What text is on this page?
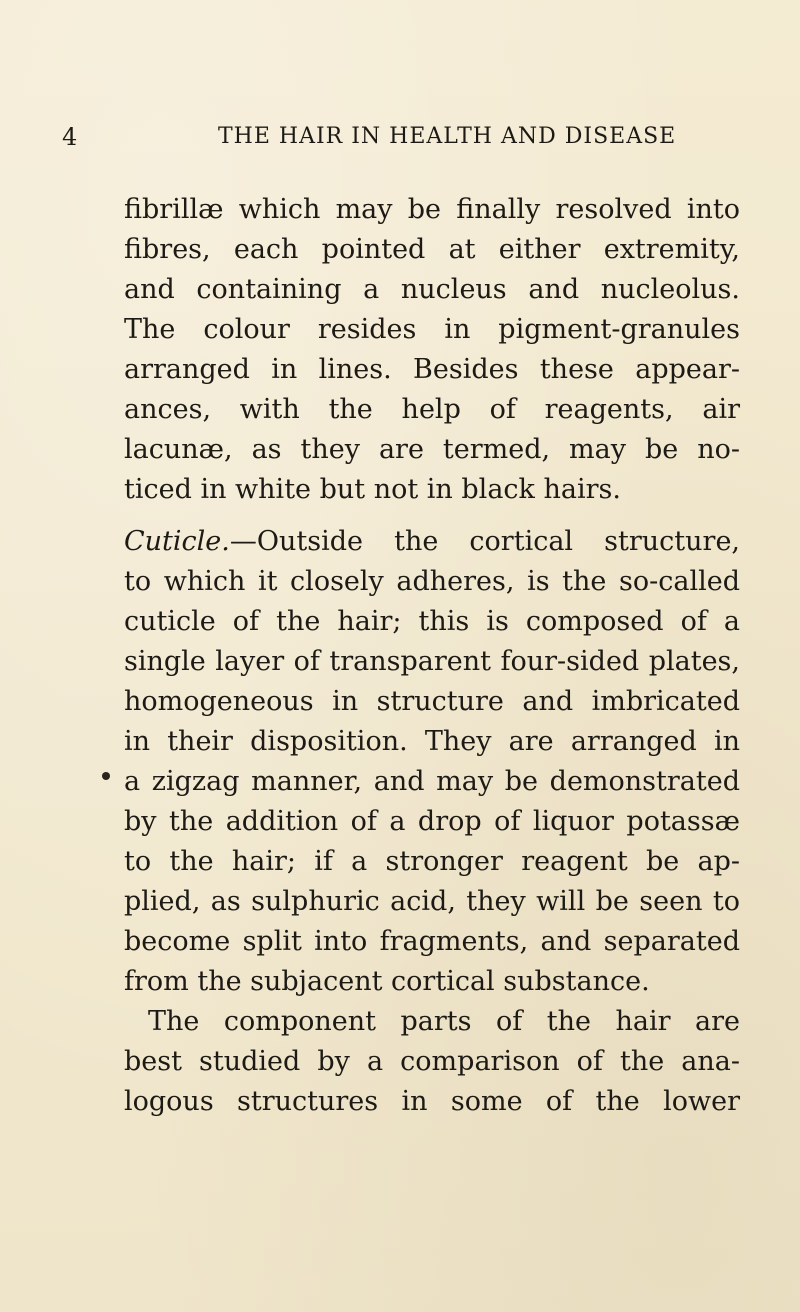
4	THE HAIR IN HEALTH AND DISEASE
fibrillæ which may be finally resolved into
fibres, each pointed at either extremity,
and containing a nucleus and nucleolus.
The colour resides in pigment-granules
arranged in lines. Besides these appear-
ances, with the help of reagents, air
lacunæ, as they are termed, may be no-
ticed in white but not in black hairs.
Cuticle.—Outside the cortical structure,
to which it closely adheres, is the so-called
cuticle of the hair; this is composed of a
single layer of transparent four-sided plates,
homogeneous in structure and imbricated
in their disposition. They are arranged in
a zigzag manner, and may be demonstrated
by the addition of a drop of liquor potassæ
to the hair; if a stronger reagent be ap-
plied, as sulphuric acid, they will be seen to
become split into fragments, and separated
from the subjacent cortical substance.
The component parts of the hair are
best studied by a comparison of the ana-
logous structures in some of the lower
